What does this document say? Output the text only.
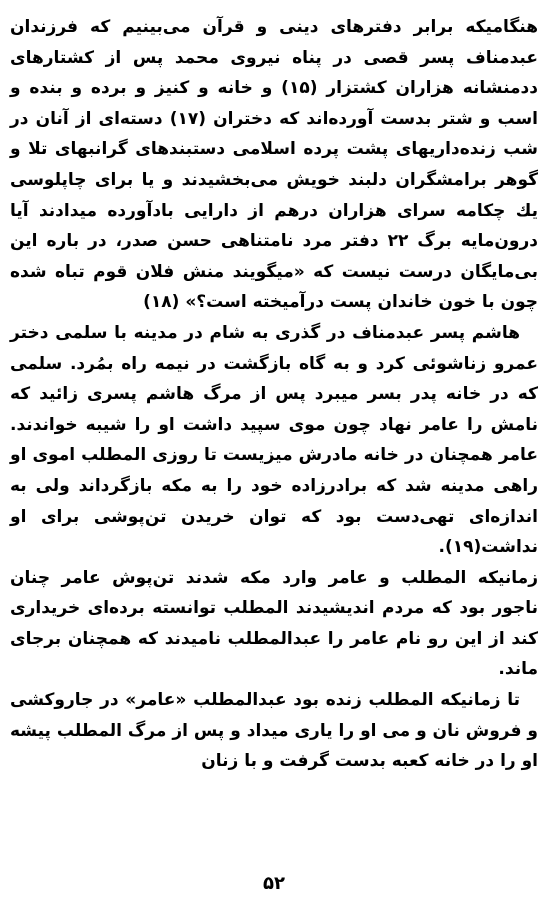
هنگامیکه برابر دفترهای دینی و قرآن می‌بینیم که فرزندان عبدمناف پسر قصی در پناه نیروی محمد پس از کشتارهای ددمنشانه هزاران کشتزار (۱۵) و خانه و کنیز و برده و بنده و اسب و شتر بدست آورده‌اند که دختران (۱۷) دسته‌ای از آنان در شب زنده‌داریهای پشت پرده اسلامی دستبندهای گرانبهای تلا و گوهر برامشگران دلبند خویش می‌بخشیدند و یا برای چاپلوسی یك چکامه سرای هزاران درهم از دارایی بادآورده میدادند آیا درون‌مایه برگ ۲۲ دفتر مرد نامتناهی حسن صدر، در باره این بی‌مایگان درست نیست که «میگویند منش فلان قوم تباه شده چون با خون خاندان پست درآمیخته است؟» (۱۸)

هاشم پسر عبدمناف در گذری به شام در مدینه با سلمی دختر عمرو زناشوئی کرد و به گاه بازگشت در نیمه راه بمُرد. سلمی که در خانه پدر بسر میبرد پس از مرگ هاشم پسری زائید که نامش را عامر نهاد چون موی سپید داشت او را شیبه خواندند. عامر همچنان در خانه مادرش میزیست تا روزی المطلب اموی او راهی مدینه شد که برادرزاده خود را به مکه بازگرداند ولی به اندازه‌ای تهی‌دست بود که توان خریدن تن‌پوشی برای او نداشت(۱۹).

زمانیکه المطلب و عامر وارد مکه شدند تن‌پوش عامر چنان ناجور بود که مردم اندیشیدند المطلب توانسته برده‌ای خریداری کند از این رو نام عامر را عبدالمطلب نامیدند که همچنان برجای ماند.

تا زمانیکه المطلب زنده بود عبدالمطلب «عامر» در جاروکشی و فروش نان و می او را یاری میداد و پس از مرگ المطلب پیشه او را در خانه کعبه بدست گرفت و با زنان

۵۲
